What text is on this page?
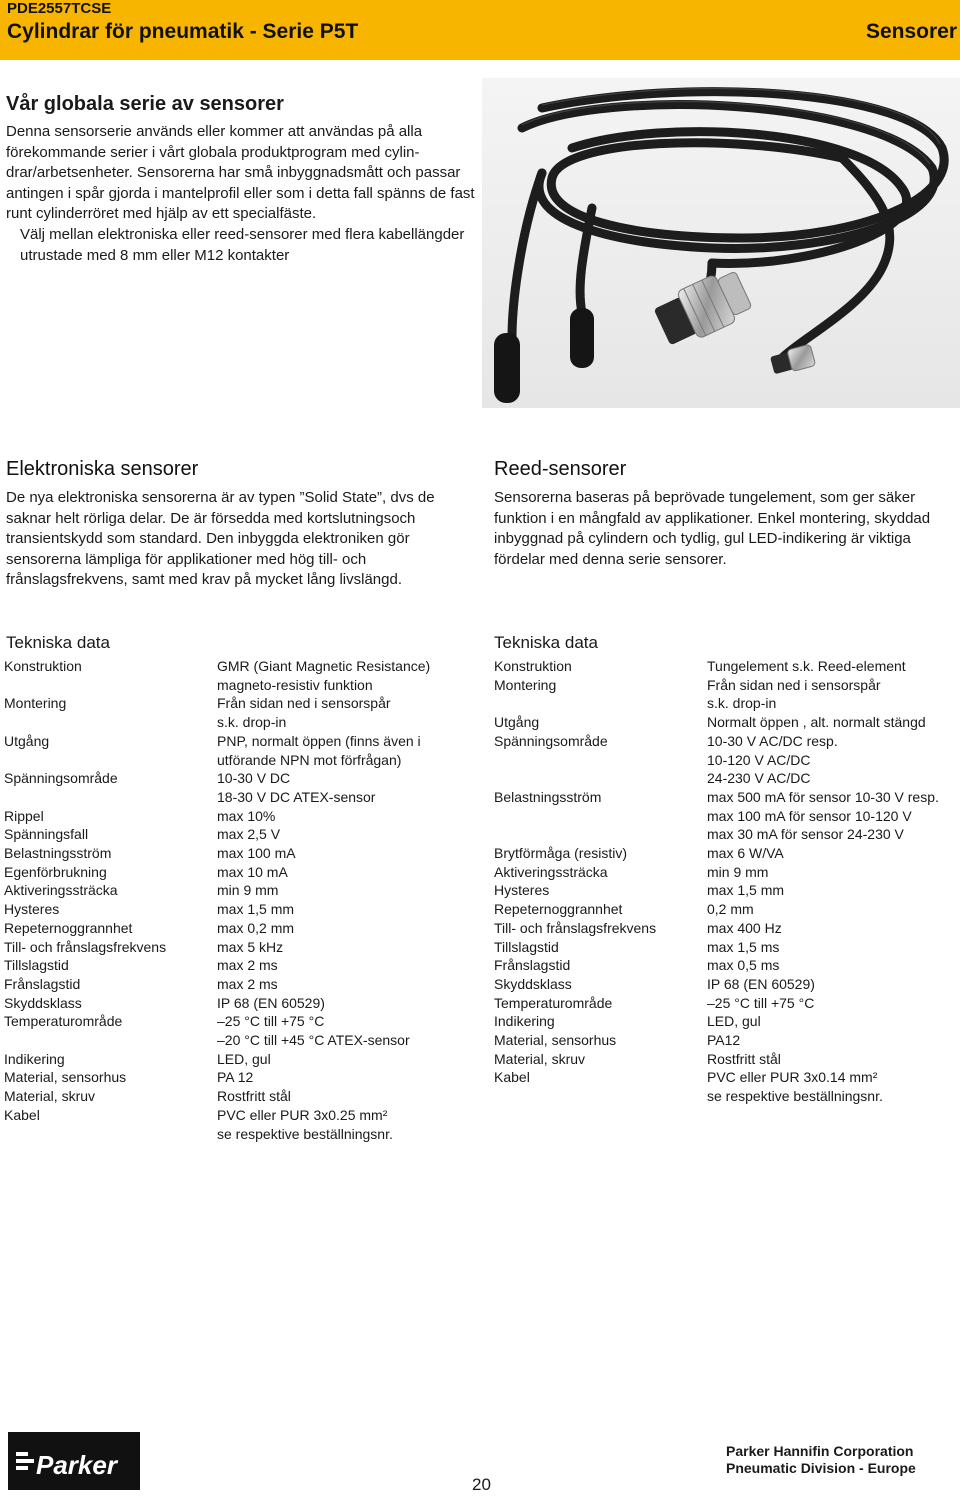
PDE2557TCSE
Cylindrar för pneumatik - Serie P5T	Sensorer
Vår globala serie av sensorer
Denna sensorserie används eller kommer att användas på alla förekommande serier i vårt globala produktprogram med cylindrar/arbetsenheter. Sensorerna har små inbyggnadsmått och passar antingen i spår gjorda i mantelprofil eller som i detta fall spänns de fast runt cylinderröret med hjälp av ett specialfäste.
Välj mellan elektroniska eller reed-sensorer med flera kabellängder utrustade med 8 mm eller M12 kontakter
Elektroniska sensorer

De nya elektroniska sensorerna är av typen ”Solid State”, dvs de saknar helt rörliga delar. De är försedda med kortslutningsoch transientskydd som standard. Den inbyggda elektroniken gör sensorerna lämpliga för applikationer med hög till- och frånslagsfrekvens, samt med krav på mycket lång livslängd.

Reed-sensorer

Sensorerna baseras på beprövade tungelement, som ger säker funktion i en mångfald av applikationer. Enkel montering, skyddad inbyggnad på cylindern och tydlig, gul LED-indikering är viktiga fördelar med denna serie sensorer.

Tekniska data
Konstruktion	GMR (Giant Magnetic Resistance)
magneto-resistiv funktion
Montering	Från sidan ned i sensorspår
s.k. drop-in
Utgång	PNP, normalt öppen (finns även i
utförande NPN mot förfrågan)
Spänningsområde	10-30 V DC
18-30 V DC ATEX-sensor
Rippel	max 10%
Spänningsfall	max 2,5 V
Belastningsström	max 100 mA
Egenförbrukning	max 10 mA
Aktiveringssträcka	min 9 mm
Hysteres	max 1,5 mm
Repeternoggrannhet	max 0,2 mm
Till- och frånslagsfrekvens	max 5 kHz
Tillslagstid	max 2 ms
Frånslagstid	max 2 ms
Skyddsklass	IP 68 (EN 60529)
Temperaturområde	–25 °C till +75 °C
–20 °C till +45 °C ATEX-sensor
Indikering	LED, gul
Material, sensorhus	PA 12
Material, skruv	Rostfritt stål
Kabel	PVC eller PUR 3x0.25 mm²
se respektive beställningsnr.
Tekniska data
Konstruktion	Tungelement s.k. Reed-element
Montering	Från sidan ned i sensorspår
s.k. drop-in
Utgång	Normalt öppen , alt. normalt stängd
Spänningsområde	10-30 V AC/DC resp.
10-120 V AC/DC
24-230 V AC/DC
Belastningsström	max 500 mA för sensor 10-30 V resp.
max 100 mA för sensor 10-120 V
max 30 mA för sensor 24-230 V
Brytförmåga (resistiv)	max 6 W/VA
Aktiveringssträcka	min 9 mm
Hysteres	max 1,5 mm
Repeternoggrannhet	0,2 mm
Till- och frånslagsfrekvens	max 400 Hz
Tillslagstid	max 1,5 ms
Frånslagstid	max 0,5 ms
Skyddsklass	IP 68 (EN 60529)
Temperaturområde	–25 °C till +75 °C
Indikering	LED, gul
Material, sensorhus	PA12
Material, skruv	Rostfritt stål
Kabel	PVC eller PUR 3x0.14 mm²
se respektive beställningsnr.
Parker
20
Parker Hannifin Corporation
Pneumatic Division - Europe
